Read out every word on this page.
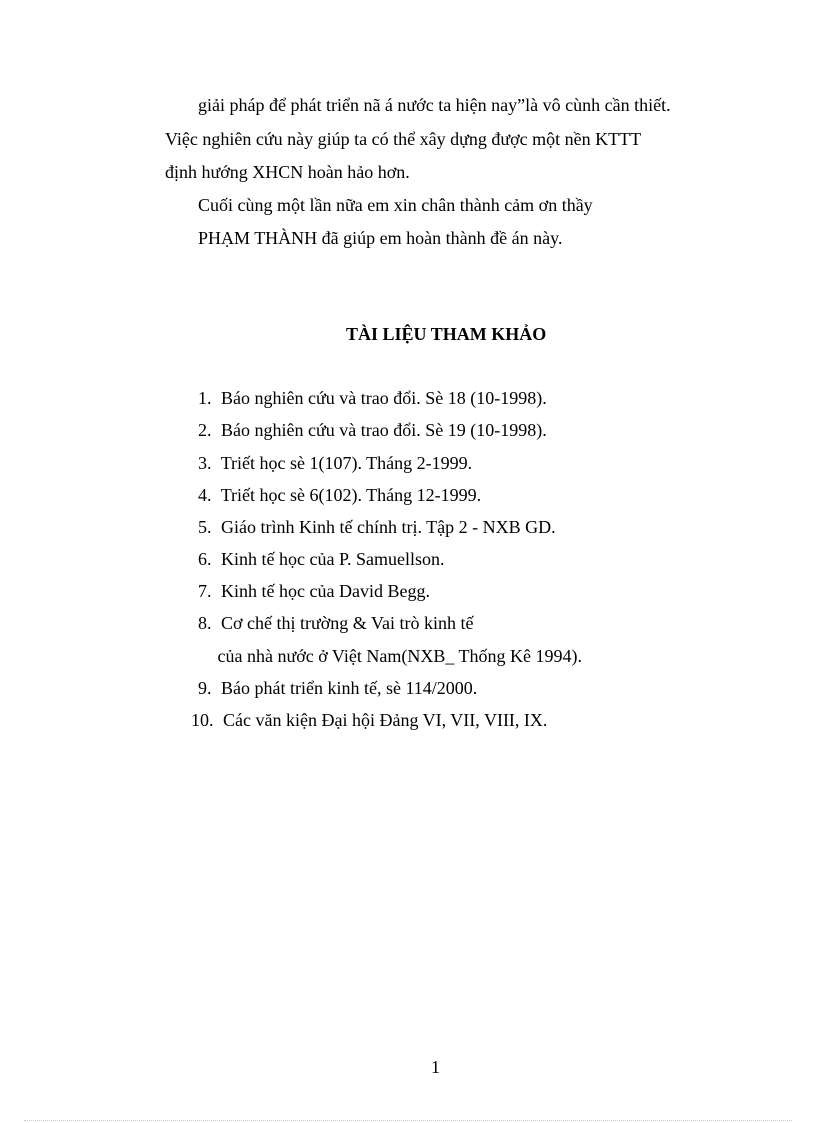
giải pháp để phát triển nã á nước ta hiện nay”là vô cùnh cần thiết.
Việc nghiên cứu này giúp ta có thể xây dựng được một nền KTTT
định hướng XHCN hoàn hảo hơn.
Cuối cùng một lần nữa em xin chân thành cảm ơn thầy
PHẠM THÀNH đã giúp em hoàn thành đề án này.
TÀI LIỆU THAM KHẢO
1. Báo nghiên cứu và trao đổi. Sè 18 (10-1998).
2. Báo nghiên cứu và trao đổi. Sè 19 (10-1998).
3. Triết học sè 1(107). Tháng 2-1999.
4. Triết học sè 6(102). Tháng 12-1999.
5. Giáo trình Kinh tế chính trị. Tập 2 - NXB GD.
6. Kinh tế học của P. Samuellson.
7. Kinh tế học của David Begg.
8. Cơ chế thị trường & Vai trò kinh tế
của nhà nước ở Việt Nam(NXB_ Thống Kê 1994).
9. Báo phát triển kinh tế, sè 114/2000.
10. Các văn kiện Đại hội Đảng VI, VII, VIII, IX.
1
